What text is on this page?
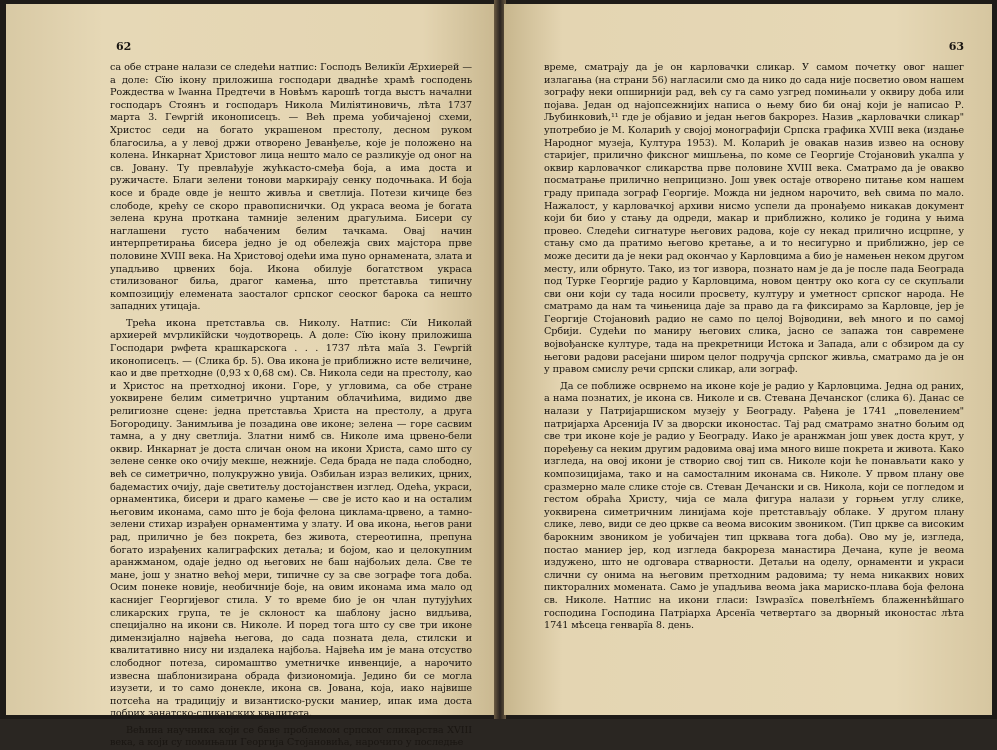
62

са обе стране налази се следећи натпис: Господъ Великїи Ӕрхиерей — а доле: Сїю ікону приложиша господари дваднѣе храмѣ господень Рождества ѡ Ӏѡанна Предтечи в Новѣмъ карошѣ тогда выстъ начални господаръ Стоянъ и господаръ Никола Миліятиновичь, лѣта 1737 марта 3. Геѡргій иконописецъ. — Већ према уобичајеној схеми, Христос седи на богато украшеном престолу, десном руком благосиља, а у левој држи отворено Јеванђеље, које је положено на колена. Инкарнат Христовог лица нешто мало се разликује од оног на св. Јовану. Ту превлађује жућкасто-смеђа боја, а има доста и ружичасте. Благи зелени тонови маркирају сенку подочњака. И боја косе и браде овде је нешто живља и светлија. Потези кичице без слободе, крећу се скоро правописнички. Од украса веома је богата зелена круна проткана тамније зеленим драгуљима. Бисери су наглашени густо набаченим белим тачкама. Овај начин интерпретирања бисера једно је од обележја свих мајстора прве половине XVIII века. На Христовој одећи има пуно орнамената, злата и упадљиво црвених боја. Икона обилује богатством украса стилизованог биља, драгог камења, што претставља типичну композицију елемената заосталог српског сеоског барока са нешто западних утицаја.

Трећа икона претставља св. Николу. Натпис: Сїи Николай архиерей мѵрликїйски чѹдотворець. А доле: Сїю ікону приложиша Господари рѡфета крашкарскога . . . 1737 лѣта маїа 3. Геѡргій иконописецъ. — (Слика бр. 5). Ова икона је приближно исте величине, као и две претходне (0,93 x 0,68 см). Св. Никола седи на престолу, као и Христос на претходној икони. Горе, у угловима, са обе стране уоквирене белим симетрично уцртаним облачићима, видимо две религиозне сцене: једна претставља Христа на престолу, а друга Богородицу. Занимљива је позадина ове иконе; зелена — горе сасвим тамна, а у дну светлија. Златни нимб св. Николе има црвено-бели оквир. Инкарнат је доста сличан оном на икони Христа, само што су зелене сенке око очију мекше, нежније. Седа брада не пада слободно, већ се симетрично, полукружно увија. Озбиљан израз великих, црних, бадемастих очију, даје светитељу достојанствен изглед. Одећа, украси, орнаментика, бисери и драго камење — све је исто као и на осталим његовим иконама, само што је боја фелона циклама-црвено, а тамно-зелени стихар израђен орнаментима у злату. И ова икона, његов рани рад, прилично је без покрета, без живота, стереотипна, препуна богато израђених калиграфских детаља; и бојом, као и целокупним аранжманом, одаје једно од његових не баш најбољих дела. Све те мане, још у знатно већој мери, типичне су за све зографе тога доба. Осим понеке новије, необичније боје, на овим иконама има мало од каснијег Георгијевог стила. У то време био је он члан путујућих сликарских група, те је склоност ка шаблону јасно видљива, специјално на икони св. Николе. И поред тога што су све три иконе димензијално највећа његова, до сада позната дела, стилски и квалитативно нису ни издалека најбоља. Највећа им је мана отсуство слободног потеза, сиромаштво уметничке инвенције, а нарочито извесна шаблонизирана обрада физиономија. Једино би се могла изузети, и то само донекле, икона св. Јована, која, иако највише потсећа на традицију и византиско-руски маниер, ипак има доста добрих занатско-сликарских квалитета.

Већина научника који се баве проблемом српског сликарства XVIII века, а који су помињали Георгија Стојановића, нарочито у последње

63

време, сматрају да је он карловачки сликар. У самом почетку овог нашег излагања (на страни 56) нагласили смо да нико до сада није посветио овом нашем зографу неки опширнији рад, већ су га само узгред помињали у оквиру доба или појава. Један од најопсежнијих написа о њему био би онај који је написао Р. Љубинковић,¹¹ где је објавио и један његов бакрорез. Назив „карловачки сликар" употребио је М. Коларић у својој монографији Српска графика XVIII века (издање Народног музеја, Култура 1953). М. Коларић је овакав назив извео на основу старијег, прилично фиксног мишљења, по коме се Георгије Стојановић укалпа у оквир карловачког сликарства прве половине XVIII века. Сматрамо да је овакво посматрање прилично неприцизно. Још увек остаје отворено питање ком нашем граду припада зограф Георгије. Можда ни једном нарочито, већ свима по мало. Нажалост, у карловачкој архиви нисмо успели да пронађемо никакав документ који би био у стању да одреди, макар и приближно, колико је година у њима провео. Следећи сигнатуре његових радова, које су некад прилично исцрпне, у стању смо да пратимо његово кретање, а и то несигурно и приближно, јер се може десити да је неки рад окончао у Карловцима а био је намењен неком другом месту, или обрнуто. Тако, из тог извора, познато нам је да је после пада Београда под Турке Георгије радио у Карловцима, новом центру око кога су се скупљали сви они који су тада носили просвету, културу и уметност српског народа. Не сматрамо да нам та чињеница даје за право да га фиксирамо за Карловце, јер је Георгије Стојановић радио не само по целој Војводини, већ много и по самој Србији. Судећи по маниру његових слика, јасно се запажа тон савремене војвођанске културе, тада на прекретници Истока и Запада, али с обзиром да су његови радови расејани широм целог подручја српског живља, сматрамо да је он у правом смислу речи српски сликар, али зограф.

Да се поближе осврнемо на иконе које је радио у Карловцима. Једна од раних, а нама познатих, је икона св. Николе и св. Стевана Дечанског (слика 6). Данас се налази у Патријаршиском музеју у Београду. Рађена је 1741 „повелением" патријарха Арсенија IV за дворски иконостас. Тај рад сматрамо знатно бољим од све три иконе које је радио у Београду. Иако је аранжман још увек доста крут, у поређењу са неким другим радовима овај има много више покрета и живота. Како изгледа, на овој икони је створио свој тип св. Николе који ће понављати како у композицијама, тако и на самосталним иконама св. Николе. У првом плану ове сразмерно мале слике стоје св. Стеван Дечански и св. Никола, који се погледом и гестом обраћа Христу, чија се мала фигура налази у горњем углу слике, уоквирена симетричним линијама које претстављају облаке. У другом плану слике, лево, види се део цркве са веома високим звоником. (Тип цркве са високим барокним звоником је уобичајен тип црквава тога доба). Ово му је, изгледа, постао маниер јер, код изгледа бакрореза манастира Дечана, купе је веома издужено, што не одговара стварности. Детаљи на оделу, орнаменти и украси слични су онима на његовим претходним радовима; ту нема никаквих нових пикторалних момената. Само је упадљива веома јака мариско-плава боја фелона св. Николе. Натпис на икони гласи: Ізwразїсѧ повелѣнїемъ блаженнѣйшаго господина Господина Патріарха Арсенїа четвертаго за дворный иконостас лѣта 1741 мѣсеца генварїа 8. день.
